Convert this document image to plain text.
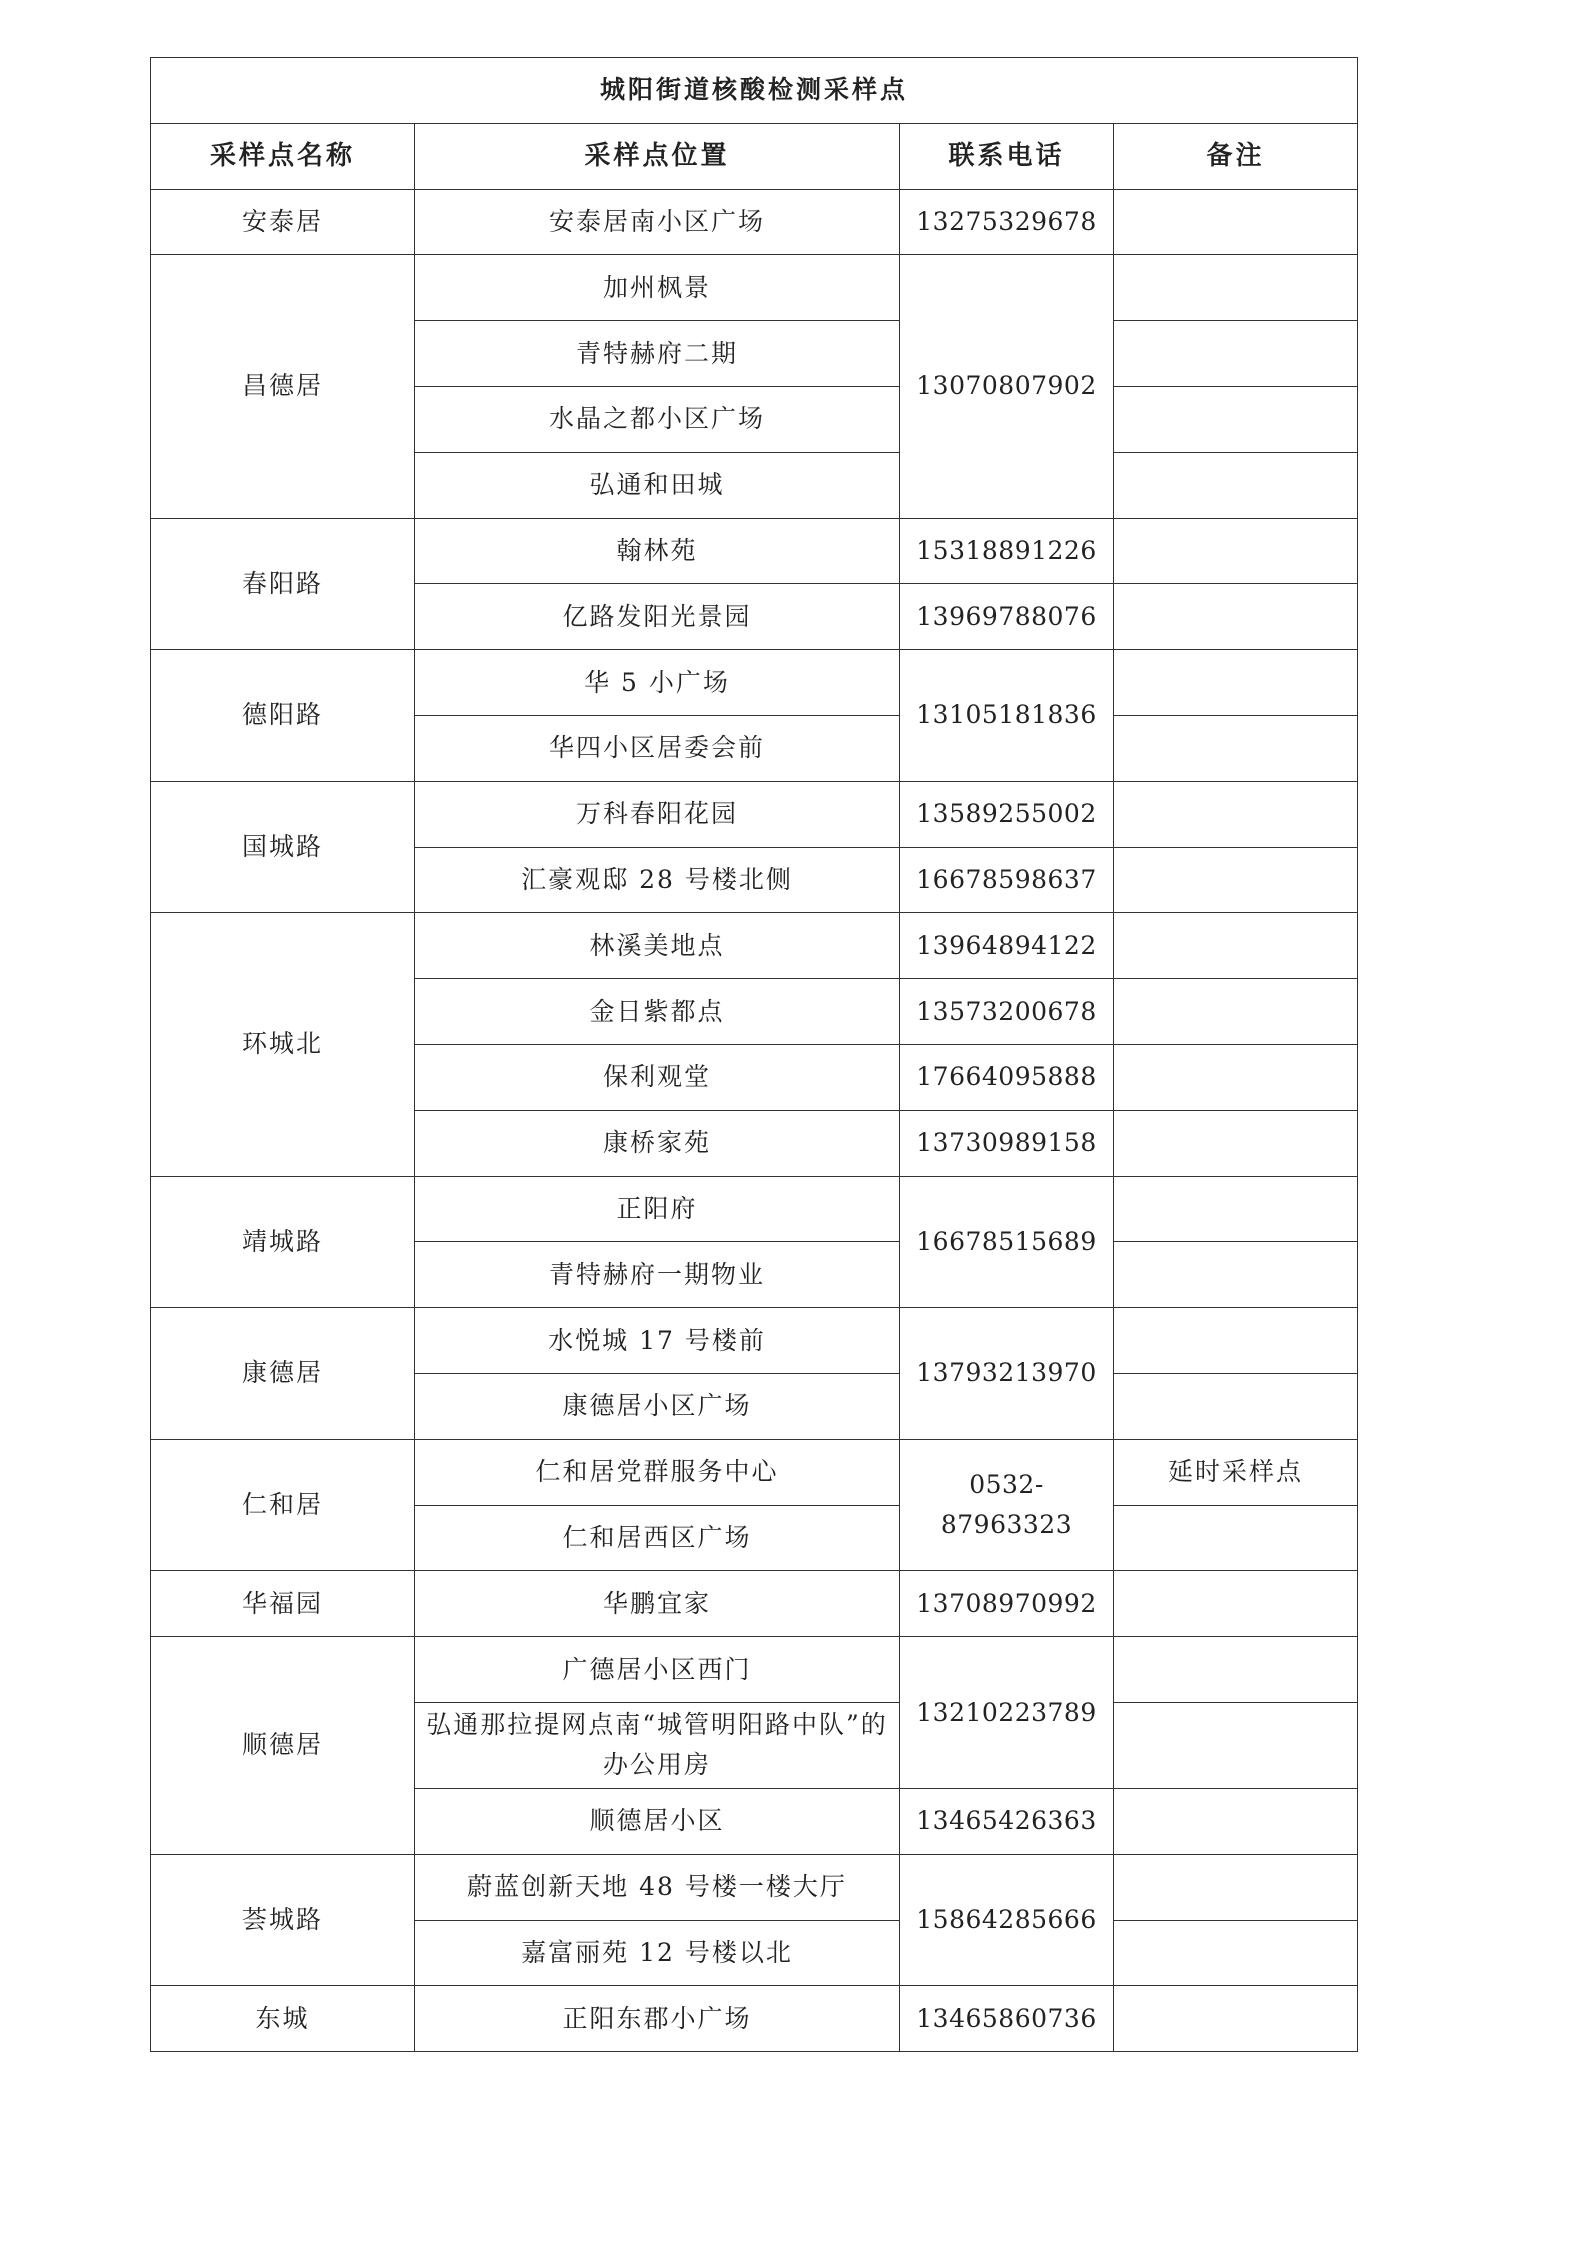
城阳街道核酸检测采样点			
采样点名称	采样点位置	联系电话	备注
安泰居	安泰居南小区广场	13275329678	
昌德居	加州枫景	13070807902	
	青特赫府二期		
	水晶之都小区广场		
	弘通和田城		
春阳路	翰林苑	15318891226	
	亿路发阳光景园	13969788076	
德阳路	华 5 小广场	13105181836	
	华四小区居委会前		
国城路	万科春阳花园	13589255002	
	汇豪观邸 28 号楼北侧	16678598637	
环城北	林溪美地点	13964894122	
	金日紫都点	13573200678	
	保利观堂	17664095888	
	康桥家苑	13730989158	
靖城路	正阳府	16678515689	
	青特赫府一期物业		
康德居	水悦城 17 号楼前	13793213970	
	康德居小区广场		
仁和居	仁和居党群服务中心	0532-87963323	延时采样点
	仁和居西区广场		
华福园	华鹏宜家	13708970992	
顺德居	广德居小区西门	13210223789	
	弘通那拉提网点南“城管明阳路中队”的办公用房		
	顺德居小区	13465426363	
荟城路	蔚蓝创新天地 48 号楼一楼大厅	15864285666	
	嘉富丽苑 12 号楼以北		
东城	正阳东郡小广场	13465860736	
